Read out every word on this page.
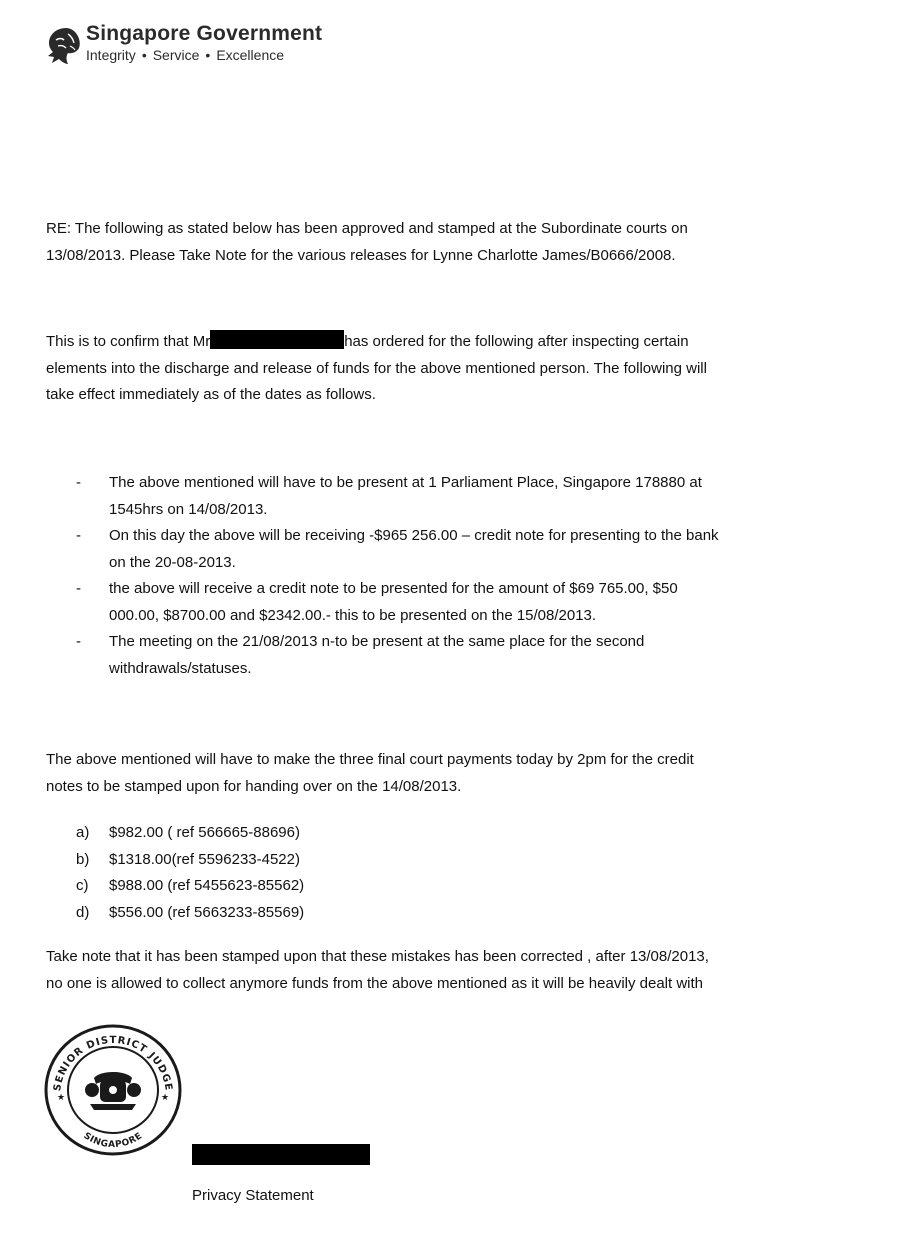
Singapore Government
Integrity • Service • Excellence
RE: The following as stated below has been approved and stamped at the Subordinate courts on
13/08/2013. Please Take Note for the various releases for Lynne Charlotte James/B0666/2008.
This is to confirm that Mr	has ordered for the following after inspecting certain
elements into the discharge and release of funds for the above mentioned person. The following will
take effect immediately as of the dates as follows.
- The above mentioned will have to be present at 1 Parliament Place, Singapore 178880 at
1545hrs on 14/08/2013.
- On this day the above will be receiving -$965 256.00 – credit note for presenting to the bank
on the 20-08-2013.
- the above will receive a credit note to be presented for the amount of $69 765.00, $50
000.00, $8700.00 and $2342.00.- this to be presented on the 15/08/2013.
- The meeting on the 21/08/2013 n-to be present at the same place for the second
withdrawals/statuses.
The above mentioned will have to make the three final court payments today by 2pm for the credit
notes to be stamped upon for handing over on the 14/08/2013.
a) $982.00 ( ref 566665-88696)
b) $1318.00(ref 5596233-4522)
c) $988.00 (ref 5455623-85562)
d) $556.00 (ref 5663233-85569)
Take note that it has been stamped upon that these mistakes has been corrected , after 13/08/2013,
no one is allowed to collect anymore funds from the above mentioned as it will be heavily dealt with
SENIOR DISTRICT JUDGE
SINGAPORE
★	★
Privacy Statement
